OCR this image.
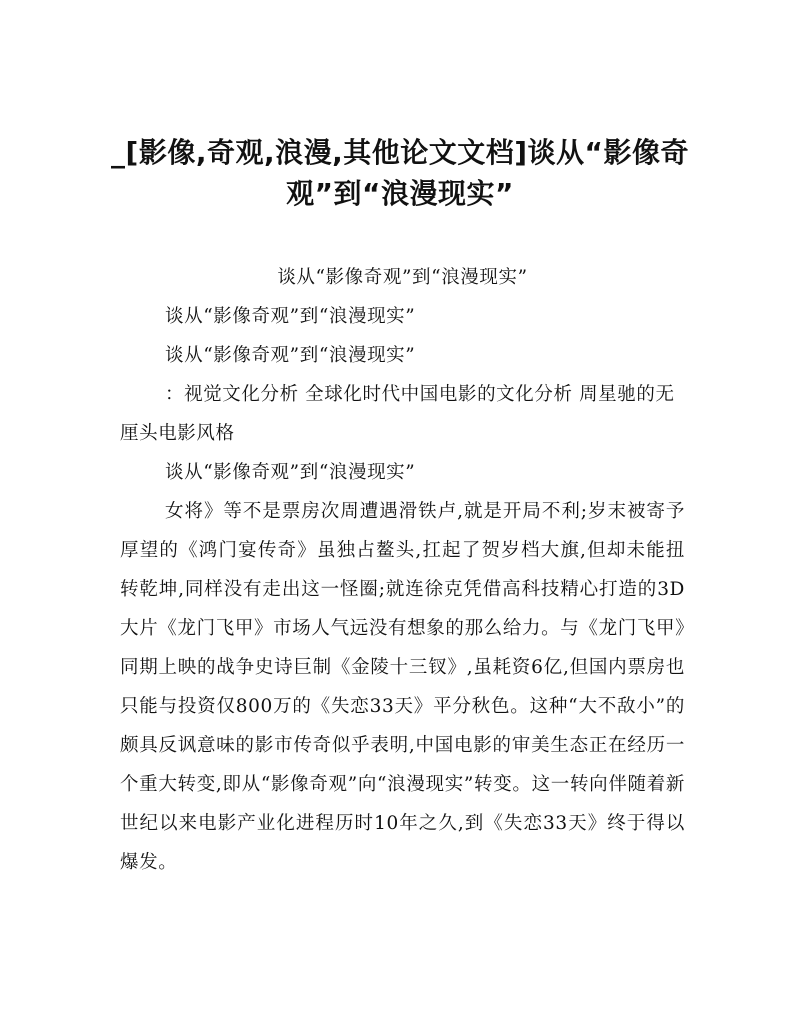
_[影像,奇观,浪漫,其他论文文档]谈从“影像奇观”到“浪漫现实”

谈从“影像奇观”到“浪漫现实”

谈从“影像奇观”到“浪漫现实”

谈从“影像奇观”到“浪漫现实”

：视觉文化分析 全球化时代中国电影的文化分析 周星驰的无厘头电影风格

谈从“影像奇观”到“浪漫现实”

女将》等不是票房次周遭遇滑铁卢,就是开局不利;岁末被寄予厚望的《鸿门宴传奇》虽独占鳌头,扛起了贺岁档大旗,但却未能扭转乾坤,同样没有走出这一怪圈;就连徐克凭借高科技精心打造的3D大片《龙门飞甲》市场人气远没有想象的那么给力。与《龙门飞甲》同期上映的战争史诗巨制《金陵十三钗》,虽耗资6亿,但国内票房也只能与投资仅800万的《失恋33天》平分秋色。这种“大不敌小”的颇具反讽意味的影市传奇似乎表明,中国电影的审美生态正在经历一个重大转变,即从“影像奇观”向“浪漫现实”转变。这一转向伴随着新世纪以来电影产业化进程历时10年之久,到《失恋33天》终于得以爆发。
